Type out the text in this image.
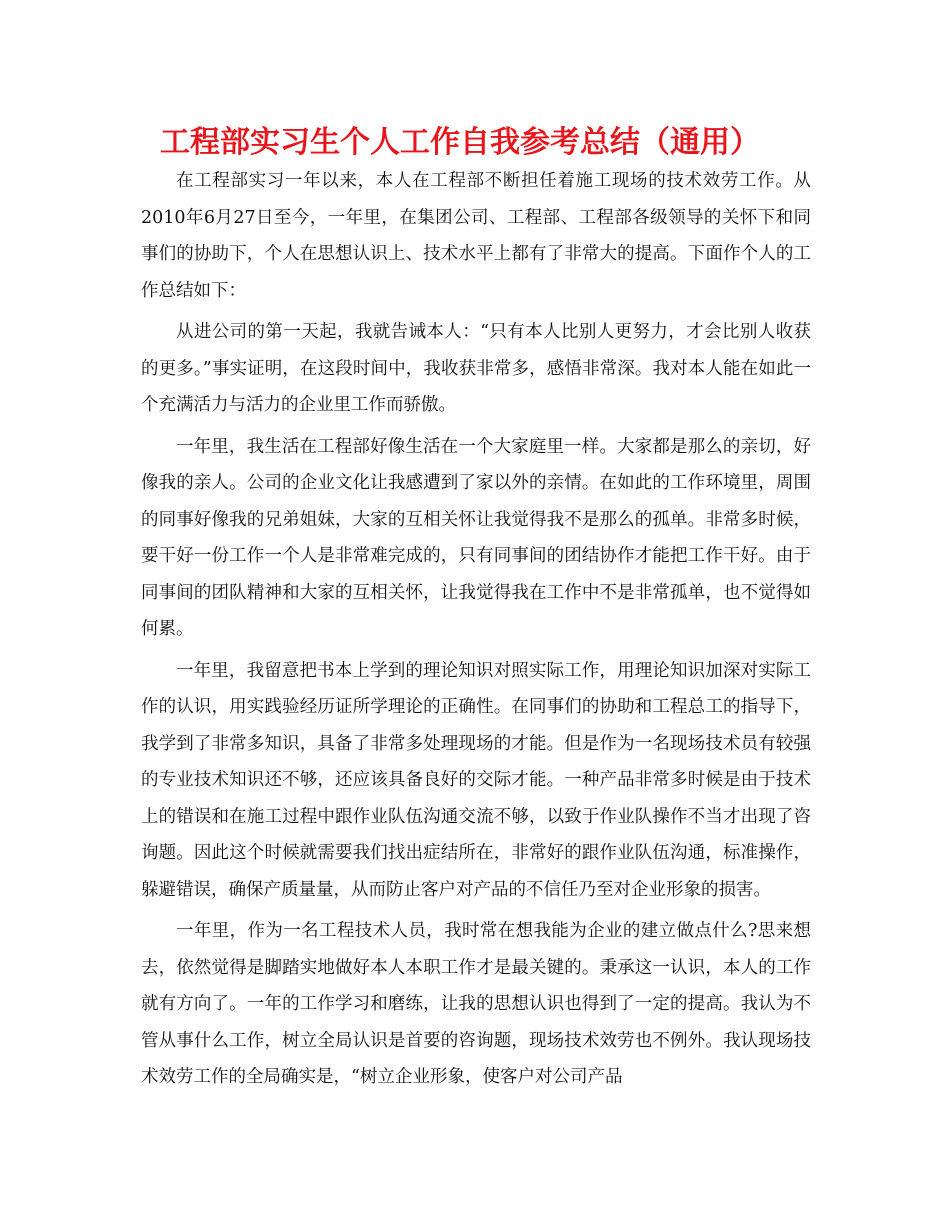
工程部实习生个人工作自我参考总结（通用）

在工程部实习一年以来，本人在工程部不断担任着施工现场的技术效劳工作。从2010年6月27日至今，一年里，在集团公司、工程部、工程部各级领导的关怀下和同事们的协助下，个人在思想认识上、技术水平上都有了非常大的提高。下面作个人的工作总结如下：

从进公司的第一天起，我就告诫本人：“只有本人比别人更努力，才会比别人收获的更多。”事实证明，在这段时间中，我收获非常多，感悟非常深。我对本人能在如此一个充满活力与活力的企业里工作而骄傲。

一年里，我生活在工程部好像生活在一个大家庭里一样。大家都是那么的亲切，好像我的亲人。公司的企业文化让我感遭到了家以外的亲情。在如此的工作环境里，周围的同事好像我的兄弟姐妹，大家的互相关怀让我觉得我不是那么的孤单。非常多时候，要干好一份工作一个人是非常难完成的，只有同事间的团结协作才能把工作干好。由于同事间的团队精神和大家的互相关怀，让我觉得我在工作中不是非常孤单，也不觉得如何累。

一年里，我留意把书本上学到的理论知识对照实际工作，用理论知识加深对实际工作的认识，用实践验经历证所学理论的正确性。在同事们的协助和工程总工的指导下，我学到了非常多知识，具备了非常多处理现场的才能。但是作为一名现场技术员有较强的专业技术知识还不够，还应该具备良好的交际才能。一种产品非常多时候是由于技术上的错误和在施工过程中跟作业队伍沟通交流不够，以致于作业队操作不当才出现了咨询题。因此这个时候就需要我们找出症结所在，非常好的跟作业队伍沟通，标准操作，躲避错误，确保产质量量，从而防止客户对产品的不信任乃至对企业形象的损害。

一年里，作为一名工程技术人员，我时常在想我能为企业的建立做点什么?思来想去，依然觉得是脚踏实地做好本人本职工作才是最关键的。秉承这一认识，本人的工作就有方向了。一年的工作学习和磨练，让我的思想认识也得到了一定的提高。我认为不管从事什么工作，树立全局认识是首要的咨询题，现场技术效劳也不例外。我认现场技术效劳工作的全局确实是，“树立企业形象，使客户对公司产品
